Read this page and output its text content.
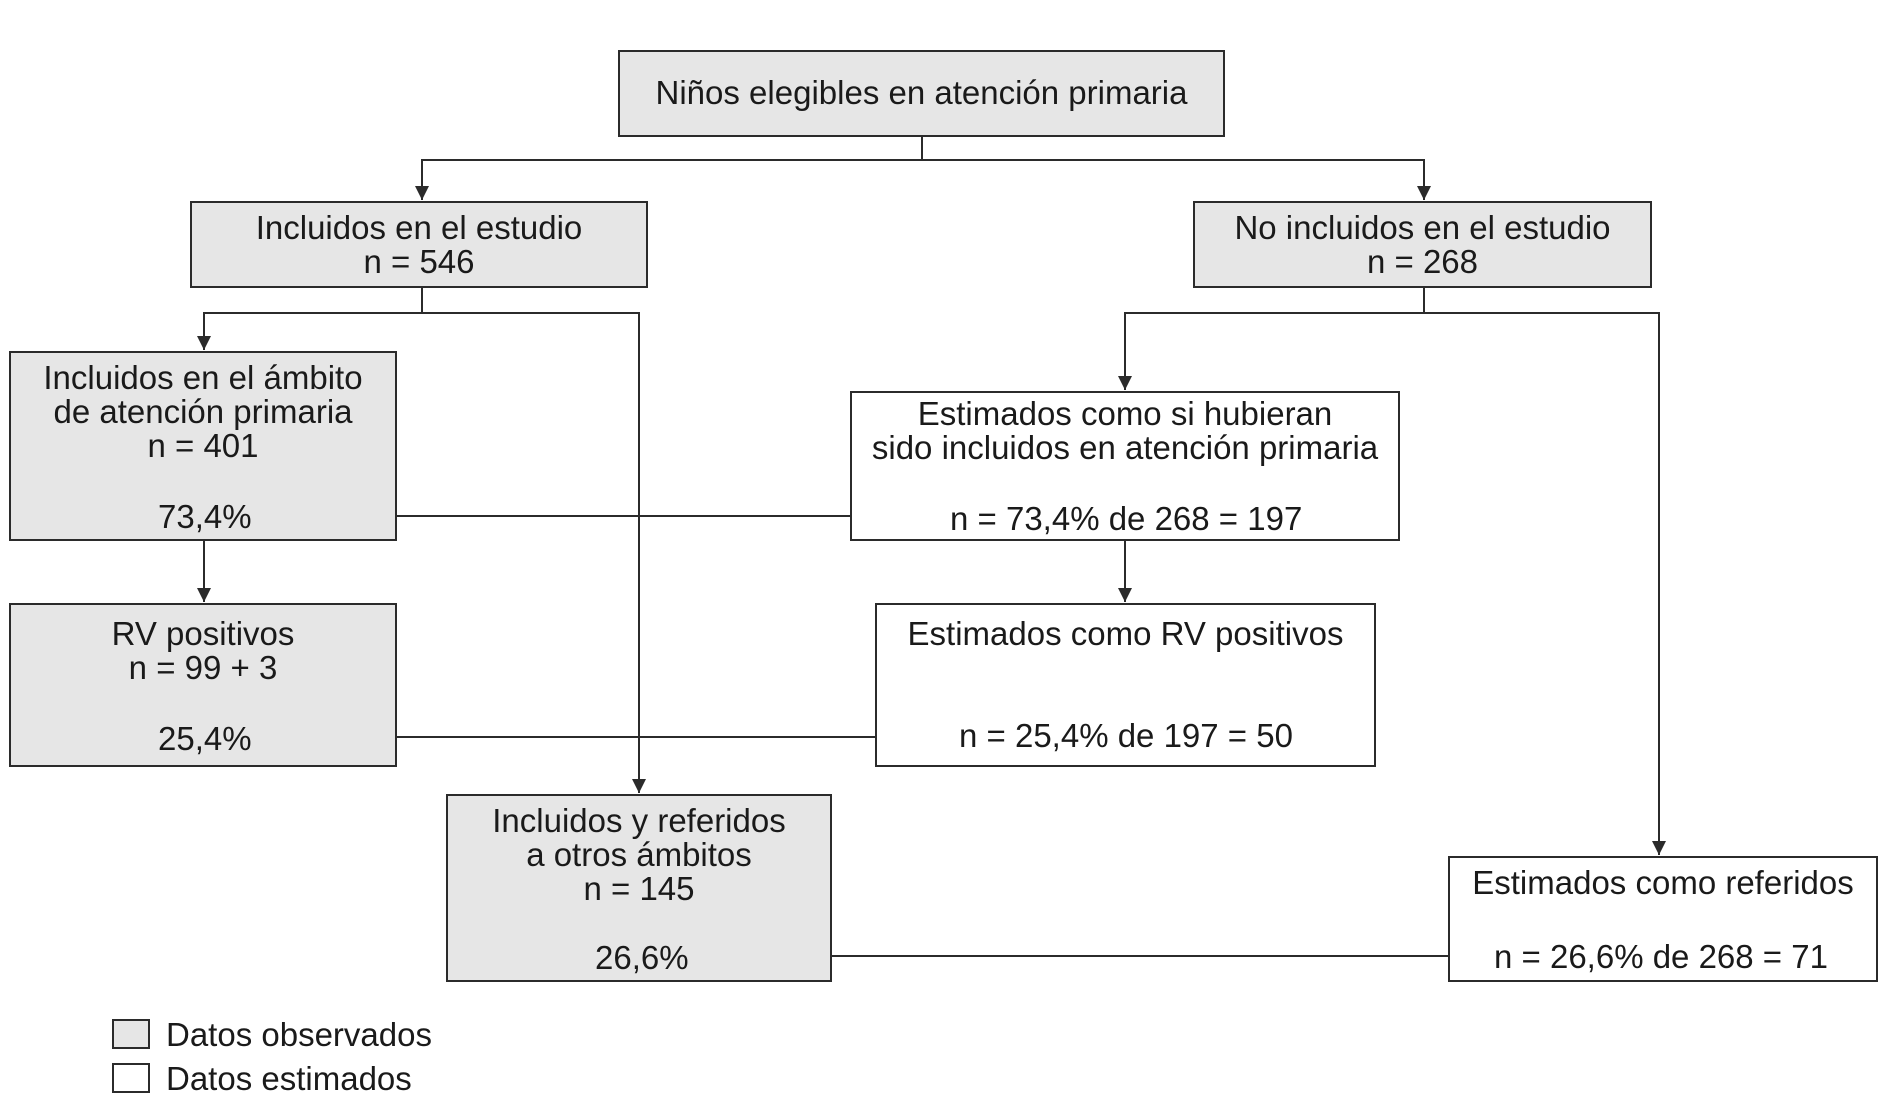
Niños elegibles en atención primaria
Incluidos en el estudio
n = 546
No incluidos en el estudio
n = 268
Incluidos en el ámbito
de atención primaria
n = 401
73,4%
RV positivos
n = 99 + 3
25,4%
Incluidos y referidos
a otros ámbitos
n = 145
26,6%
Estimados como si hubieran
sido incluidos en atención primaria
n = 73,4% de 268 = 197
Estimados como RV positivos
n = 25,4% de 197 = 50
Estimados como referidos
n = 26,6% de 268 = 71
Datos observados
Datos estimados
